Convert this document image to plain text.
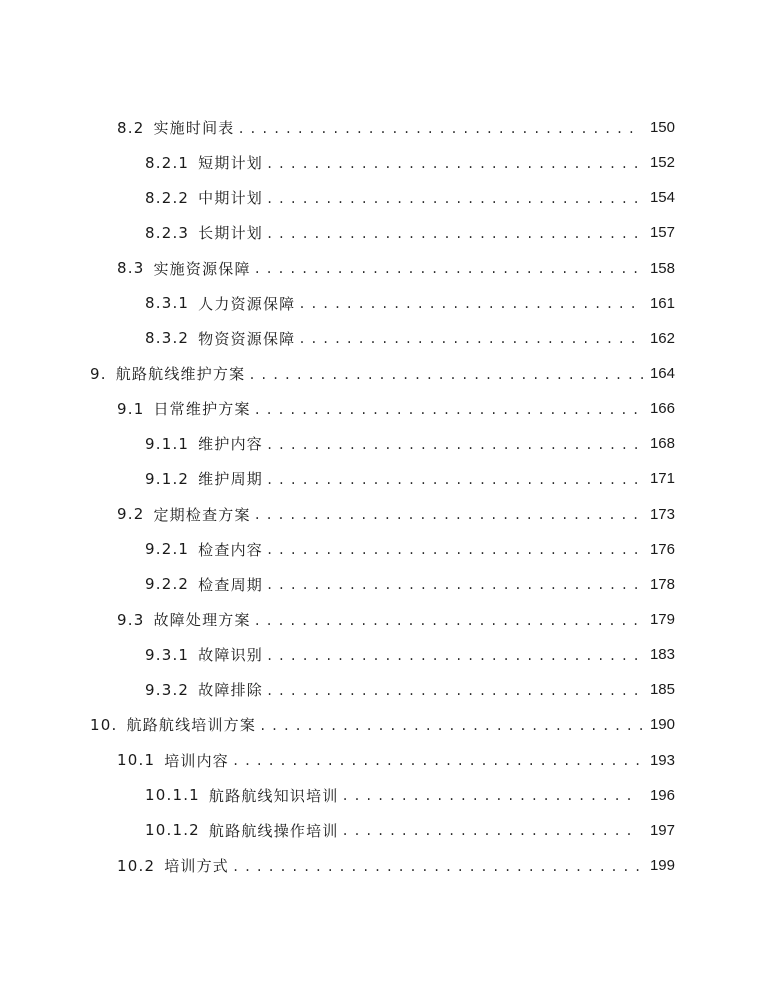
8.2 实施时间表 .....	150
8.2.1 短期计划 .....	152
8.2.2 中期计划 .....	154
8.2.3 长期计划 .....	157
8.3 实施资源保障 .....	158
8.3.1 人力资源保障 .....	161
8.3.2 物资资源保障 .....	162
9. 航路航线维护方案 .....	164
9.1 日常维护方案 .....	166
9.1.1 维护内容 .....	168
9.1.2 维护周期 .....	171
9.2 定期检查方案 .....	173
9.2.1 检查内容 .....	176
9.2.2 检查周期 .....	178
9.3 故障处理方案 .....	179
9.3.1 故障识别 .....	183
9.3.2 故障排除 .....	185
10. 航路航线培训方案 .....	190
10.1 培训内容 .....	193
10.1.1 航路航线知识培训 .....	196
10.1.2 航路航线操作培训 .....	197
10.2 培训方式 .....	199
